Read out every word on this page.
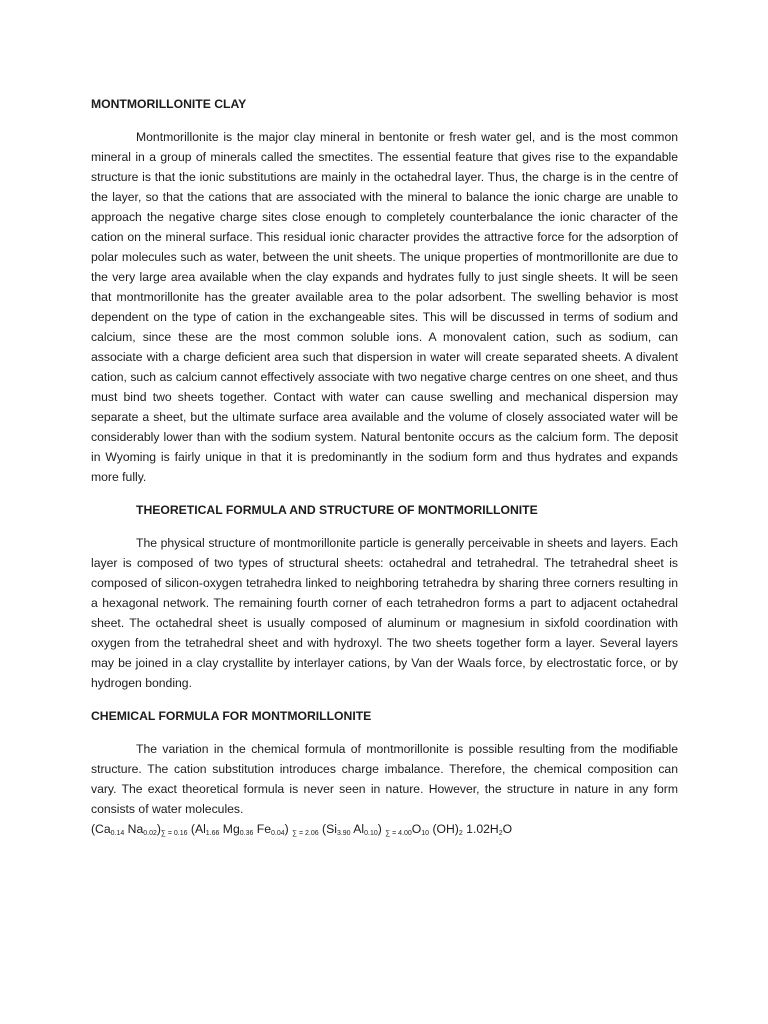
MONTMORILLONITE CLAY

Montmorillonite is the major clay mineral in bentonite or fresh water gel, and is the most common mineral in a group of minerals called the smectites. The essential feature that gives rise to the expandable structure is that the ionic substitutions are mainly in the octahedral layer. Thus, the charge is in the centre of the layer, so that the cations that are associated with the mineral to balance the ionic charge are unable to approach the negative charge sites close enough to completely counterbalance the ionic character of the cation on the mineral surface. This residual ionic character provides the attractive force for the adsorption of polar molecules such as water, between the unit sheets. The unique properties of montmorillonite are due to the very large area available when the clay expands and hydrates fully to just single sheets. It will be seen that montmorillonite has the greater available area to the polar adsorbent. The swelling behavior is most dependent on the type of cation in the exchangeable sites. This will be discussed in terms of sodium and calcium, since these are the most common soluble ions. A monovalent cation, such as sodium, can associate with a charge deficient area such that dispersion in water will create separated sheets. A divalent cation, such as calcium cannot effectively associate with two negative charge centres on one sheet, and thus must bind two sheets together. Contact with water can cause swelling and mechanical dispersion may separate a sheet, but the ultimate surface area available and the volume of closely associated water will be considerably lower than with the sodium system. Natural bentonite occurs as the calcium form. The deposit in Wyoming is fairly unique in that it is predominantly in the sodium form and thus hydrates and expands more fully.

THEORETICAL FORMULA AND STRUCTURE OF MONTMORILLONITE

The physical structure of montmorillonite particle is generally perceivable in sheets and layers. Each layer is composed of two types of structural sheets: octahedral and tetrahedral. The tetrahedral sheet is composed of silicon-oxygen tetrahedra linked to neighboring tetrahedra by sharing three corners resulting in a hexagonal network. The remaining fourth corner of each tetrahedron forms a part to adjacent octahedral sheet. The octahedral sheet is usually composed of aluminum or magnesium in sixfold coordination with oxygen from the tetrahedral sheet and with hydroxyl. The two sheets together form a layer. Several layers may be joined in a clay crystallite by interlayer cations, by Van der Waals force, by electrostatic force, or by hydrogen bonding.

CHEMICAL FORMULA FOR MONTMORILLONITE

The variation in the chemical formula of montmorillonite is possible resulting from the modifiable structure. The cation substitution introduces charge imbalance. Therefore, the chemical composition can vary. The exact theoretical formula is never seen in nature. However, the structure in nature in any form consists of water molecules.

($Ca_{0.14}$ $Na_{0.02})_{\sum = 0.16}$ ($Al_{1.66}$ $Mg_{0.36}$ $Fe_{0.04}$) $_{\sum = 2.06}$ ($Si_{3.90}$ $Al_{0.10}$) $_{\sum = 4.00}O_{10}$ $(OH)_2$ $1.02H_2O$
